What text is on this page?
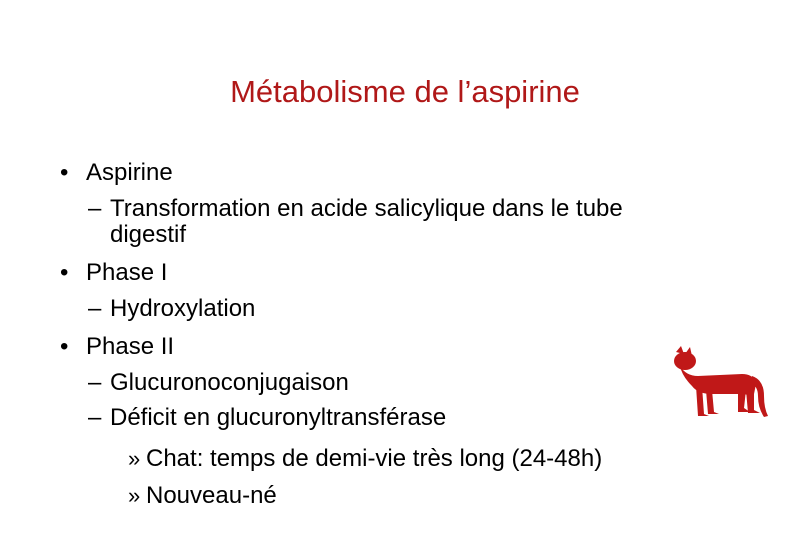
Métabolisme de l’aspirine
• Aspirine
– Transformation en acide salicylique dans le tube
digestif
• Phase I
– Hydroxylation
• Phase II
– Glucuronoconjugaison
– Déficit en glucuronyltransférase
» Chat: temps de demi-vie très long (24-48h)
» Nouveau-né
